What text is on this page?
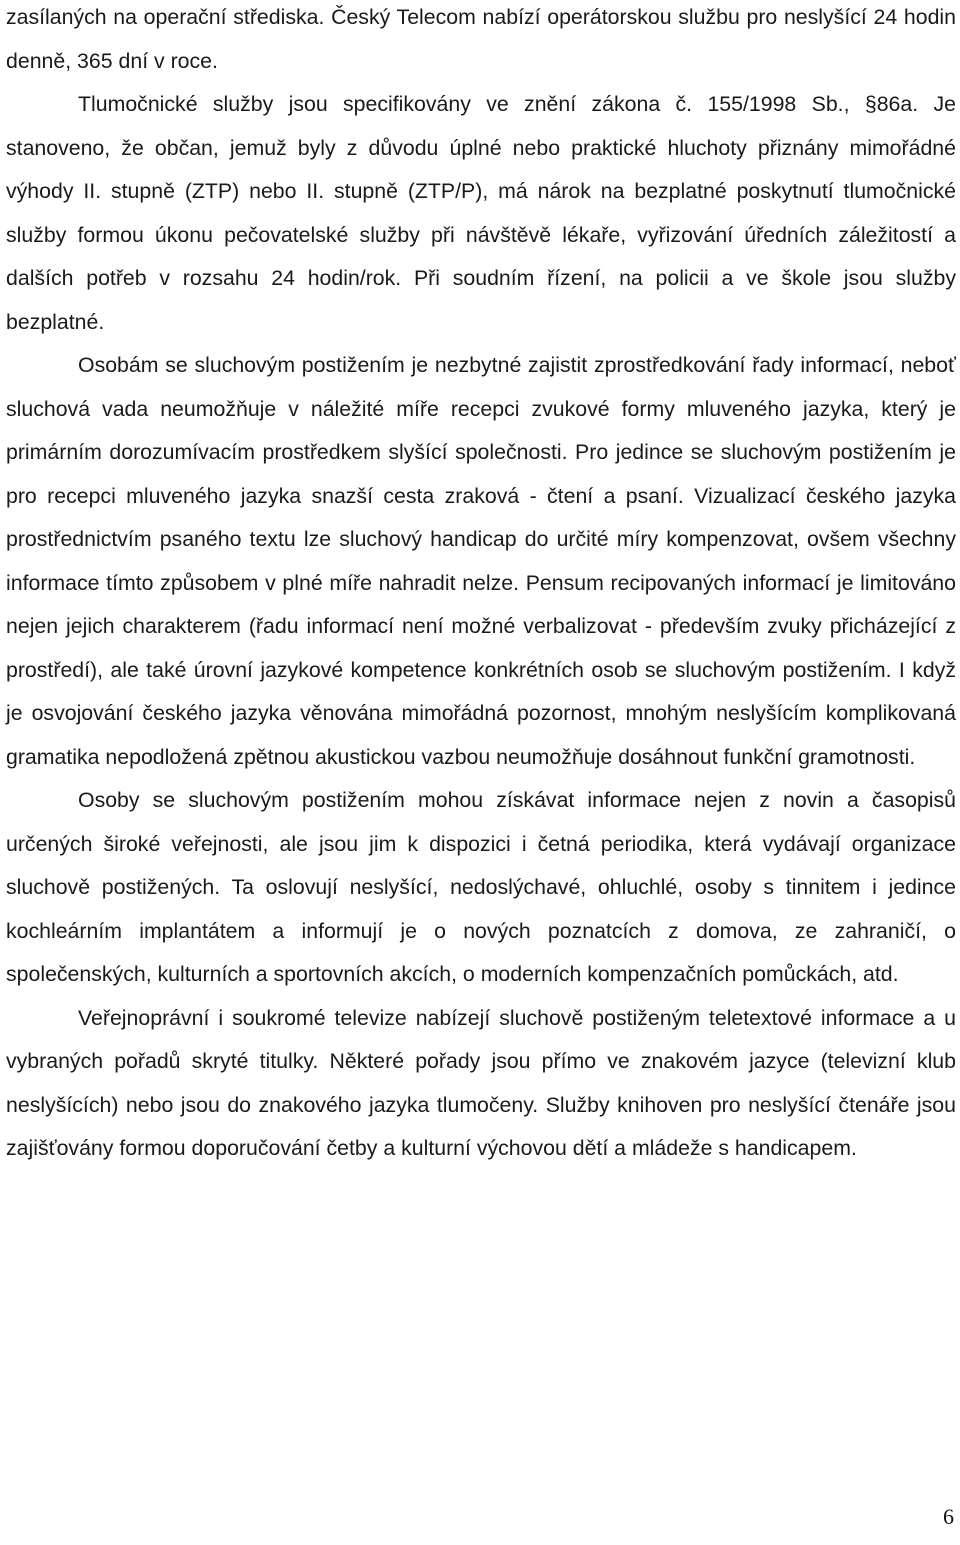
zasílaných na operační střediska. Český Telecom nabízí operátorskou službu pro neslyšící 24 hodin denně, 365 dní v roce.

Tlumočnické služby jsou specifikovány ve znění zákona č. 155/1998 Sb., §86a. Je stanoveno, že občan, jemuž byly z důvodu úplné nebo praktické hluchoty přiznány mimořádné výhody II. stupně (ZTP) nebo II. stupně (ZTP/P), má nárok na bezplatné poskytnutí tlumočnické služby formou úkonu pečovatelské služby při návštěvě lékaře, vyřizování úředních záležitostí a dalších potřeb v rozsahu 24 hodin/rok. Při soudním řízení, na policii a ve škole jsou služby bezplatné.

Osobám se sluchovým postižením je nezbytné zajistit zprostředkování řady informací, neboť sluchová vada neumožňuje v náležité míře recepci zvukové formy mluveného jazyka, který je primárním dorozumívacím prostředkem slyšící společnosti. Pro jedince se sluchovým postižením je pro recepci mluveného jazyka snazší cesta zraková - čtení a psaní. Vizualizací českého jazyka prostřednictvím psaného textu lze sluchový handicap do určité míry kompenzovat, ovšem všechny informace tímto způsobem v plné míře nahradit nelze. Pensum recipovaných informací je limitováno nejen jejich charakterem (řadu informací není možné verbalizovat - především zvuky přicházející z prostředí), ale také úrovní jazykové kompetence konkrétních osob se sluchovým postižením. I když je osvojování českého jazyka věnována mimořádná pozornost, mnohým neslyšícím komplikovaná gramatika nepodložená zpětnou akustickou vazbou neumožňuje dosáhnout funkční gramotnosti.

Osoby se sluchovým postižením mohou získávat informace nejen z novin a časopisů určených široké veřejnosti, ale jsou jim k dispozici i četná periodika, která vydávají organizace sluchově postižených. Ta oslovují neslyšící, nedoslýchavé, ohluchlé, osoby s tinnitem i jedince kochleárním implantátem a informují je o nových poznatcích z domova, ze zahraničí, o společenských, kulturních a sportovních akcích, o moderních kompenzačních pomůckách, atd.

Veřejnoprávní i soukromé televize nabízejí sluchově postiženým teletextové informace a u vybraných pořadů skryté titulky. Některé pořady jsou přímo ve znakovém jazyce (televizní klub neslyšících) nebo jsou do znakového jazyka tlumočeny. Služby knihoven pro neslyšící čtenáře jsou zajišťovány formou doporučování četby a kulturní výchovou dětí a mládeže s handicapem.

6
